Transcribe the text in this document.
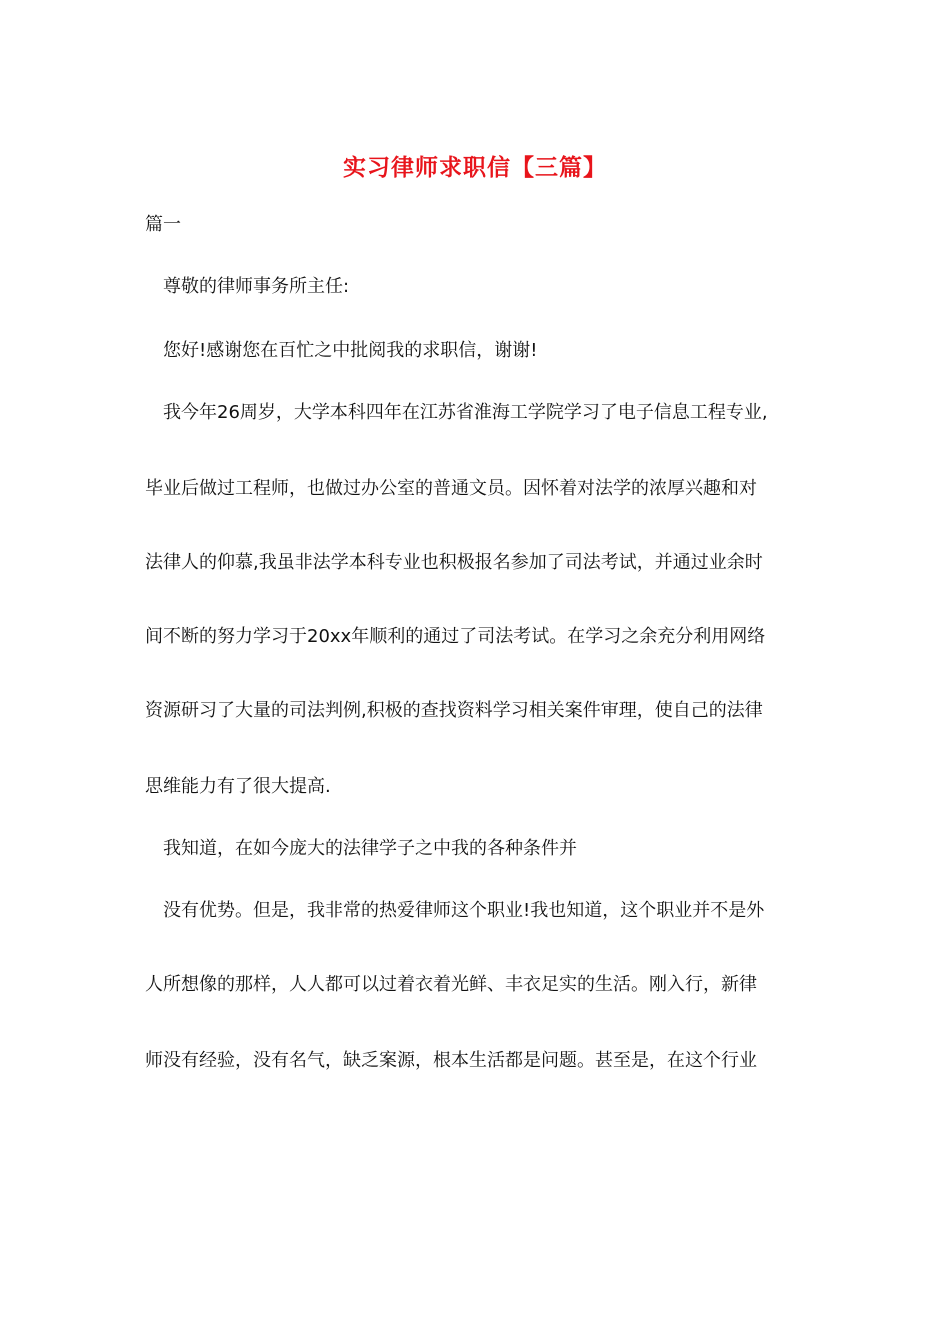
实习律师求职信【三篇】
篇一
尊敬的律师事务所主任:
您好!感谢您在百忙之中批阅我的求职信，谢谢!
我今年26周岁，大学本科四年在江苏省淮海工学院学习了电子信息工程专业,
毕业后做过工程师，也做过办公室的普通文员。因怀着对法学的浓厚兴趣和对
法律人的仰慕,我虽非法学本科专业也积极报名参加了司法考试，并通过业余时
间不断的努力学习于20xx年顺利的通过了司法考试。在学习之余充分利用网络
资源研习了大量的司法判例,积极的查找资料学习相关案件审理，使自己的法律
思维能力有了很大提高.
我知道，在如今庞大的法律学子之中我的各种条件并
没有优势。但是，我非常的热爱律师这个职业!我也知道，这个职业并不是外
人所想像的那样，人人都可以过着衣着光鲜、丰衣足实的生活。刚入行，新律
师没有经验，没有名气，缺乏案源，根本生活都是问题。甚至是，在这个行业
